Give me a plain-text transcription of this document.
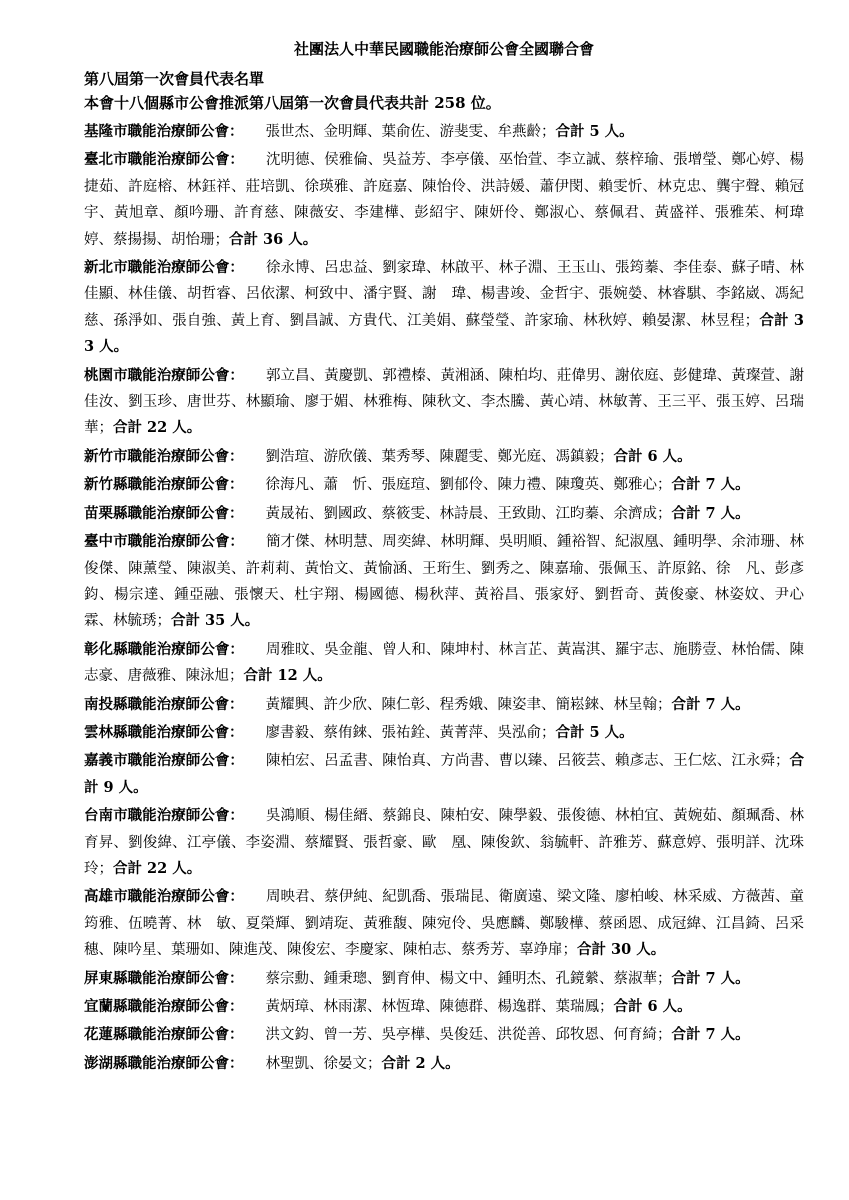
社團法人中華民國職能治療師公會全國聯合會
第八屆第一次會員代表名單
本會十八個縣市公會推派第八屆第一次會員代表共計 258 位。
基隆市職能治療師公會： 張世杰、金明輝、葉俞佐、游斐雯、牟燕齡；合計 5 人。
臺北市職能治療師公會： 沈明德、侯雅倫、吳益芳、李亭儀、巫怡萱、李立誠、蔡梓瑜、張增瑩、鄭心婷、楊捷茹、許庭榕、林鈺祥、莊培凱、徐瑛雅、許庭嘉、陳怡伶、洪詩媛、蕭伊閔、賴雯忻、林克忠、龔宇聲、賴冠宇、黃旭章、顏吟珊、許育慈、陳薇安、李建樺、彭紹宇、陳妍伶、鄭淑心、蔡佩君、黃盛祥、張雅茱、柯瑋婷、蔡揚揚、胡怡珊；合計 36 人。
新北市職能治療師公會： 徐永博、呂忠益、劉家瑋、林啟平、林子淵、王玉山、張筠蓁、李佳泰、蘇子晴、林佳顯、林佳儀、胡哲睿、呂依潔、柯致中、潘宇賢、謝　瑋、楊書竣、金哲宇、張婉嫈、林睿騏、李銘崴、馮紀慈、孫淨如、張自強、黃上育、劉昌誠、方貴代、江美娟、蘇瑩瑩、許家瑜、林秋婷、賴晏潔、林昱程；合計 33 人。
桃園市職能治療師公會： 郭立昌、黃慶凱、郭禮榛、黃湘涵、陳柏均、莊偉男、謝依庭、彭健瑋、黃璨萱、謝佳汝、劉玉珍、唐世芬、林顯瑜、廖于媚、林雅梅、陳秋文、李杰騰、黃心靖、林敏菁、王三平、張玉婷、呂瑞華；合計 22 人。
新竹市職能治療師公會： 劉浩瑄、游欣儀、葉秀琴、陳麗雯、鄭光庭、馮鎮毅；合計 6 人。
新竹縣職能治療師公會： 徐海凡、蕭　忻、張庭瑄、劉郁伶、陳力禮、陳瓊英、鄭雅心；合計 7 人。
苗栗縣職能治療師公會： 黃晟祐、劉國政、蔡筱雯、林詩晨、王致勛、江昀蓁、余濟成；合計 7 人。
臺中市職能治療師公會： 簡才傑、林明慧、周奕緯、林明輝、吳明順、鍾裕智、紀淑凰、鍾明學、余沛珊、林俊傑、陳薰瑩、陳淑美、許莉莉、黃怡文、黃愉涵、王珩生、劉秀之、陳嘉瑜、張佩玉、許原銘、徐　凡、彭彥鈞、楊宗達、鍾亞融、張懷天、杜宇翔、楊國德、楊秋萍、黃裕昌、張家妤、劉哲奇、黃俊豪、林姿妏、尹心霖、林毓琇；合計 35 人。
彰化縣職能治療師公會： 周雅旼、吳金龍、曾人和、陳坤村、林言芷、黃嵩淇、羅宇志、施勝壹、林怡儒、陳志豪、唐薇雅、陳泳旭；合計 12 人。
南投縣職能治療師公會： 黃耀興、許少欣、陳仁彰、程秀娥、陳姿聿、簡崧錸、林呈翰；合計 7 人。
雲林縣職能治療師公會： 廖書毅、蔡侑錸、張祐銓、黃菁萍、吳泓俞；合計 5 人。
嘉義市職能治療師公會： 陳柏宏、呂孟書、陳怡真、方尚書、曹以臻、呂筱芸、賴彥志、王仁炫、江永舜；合計 9 人。
台南市職能治療師公會： 吳鴻順、楊佳縉、蔡錦良、陳柏安、陳學毅、張俊德、林柏宜、黃婉茹、顏珮喬、林育昇、劉俊緯、江亭儀、李姿淵、蔡耀賢、張哲豪、歐　凰、陳俊欽、翁毓軒、許雅芳、蘇意婷、張明詳、沈珠玲；合計 22 人。
高雄市職能治療師公會： 周映君、蔡伊純、紀凱喬、張瑞昆、衛廣遠、梁文隆、廖柏峻、林采威、方薇茜、童筠雅、伍曉菁、林　敏、夏榮輝、劉靖琁、黃雅馥、陳宛伶、吳應麟、鄭駿樺、蔡函恩、成冠緯、江昌錡、呂采穗、陳吟星、葉珊如、陳進茂、陳俊宏、李慶家、陳柏志、蔡秀芳、辜竫扉；合計 30 人。
屏東縣職能治療師公會： 蔡宗勳、鍾秉璁、劉育伸、楊文中、鍾明杰、孔鏡縈、蔡淑華；合計 7 人。
宜蘭縣職能治療師公會： 黃炳璋、林雨潔、林恆瑋、陳德群、楊逸群、葉瑞鳳；合計 6 人。
花蓮縣職能治療師公會： 洪文鈞、曾一芳、吳亭樺、吳俊廷、洪從善、邱牧恩、何育綺；合計 7 人。
澎湖縣職能治療師公會： 林聖凱、徐晏文；合計 2 人。
